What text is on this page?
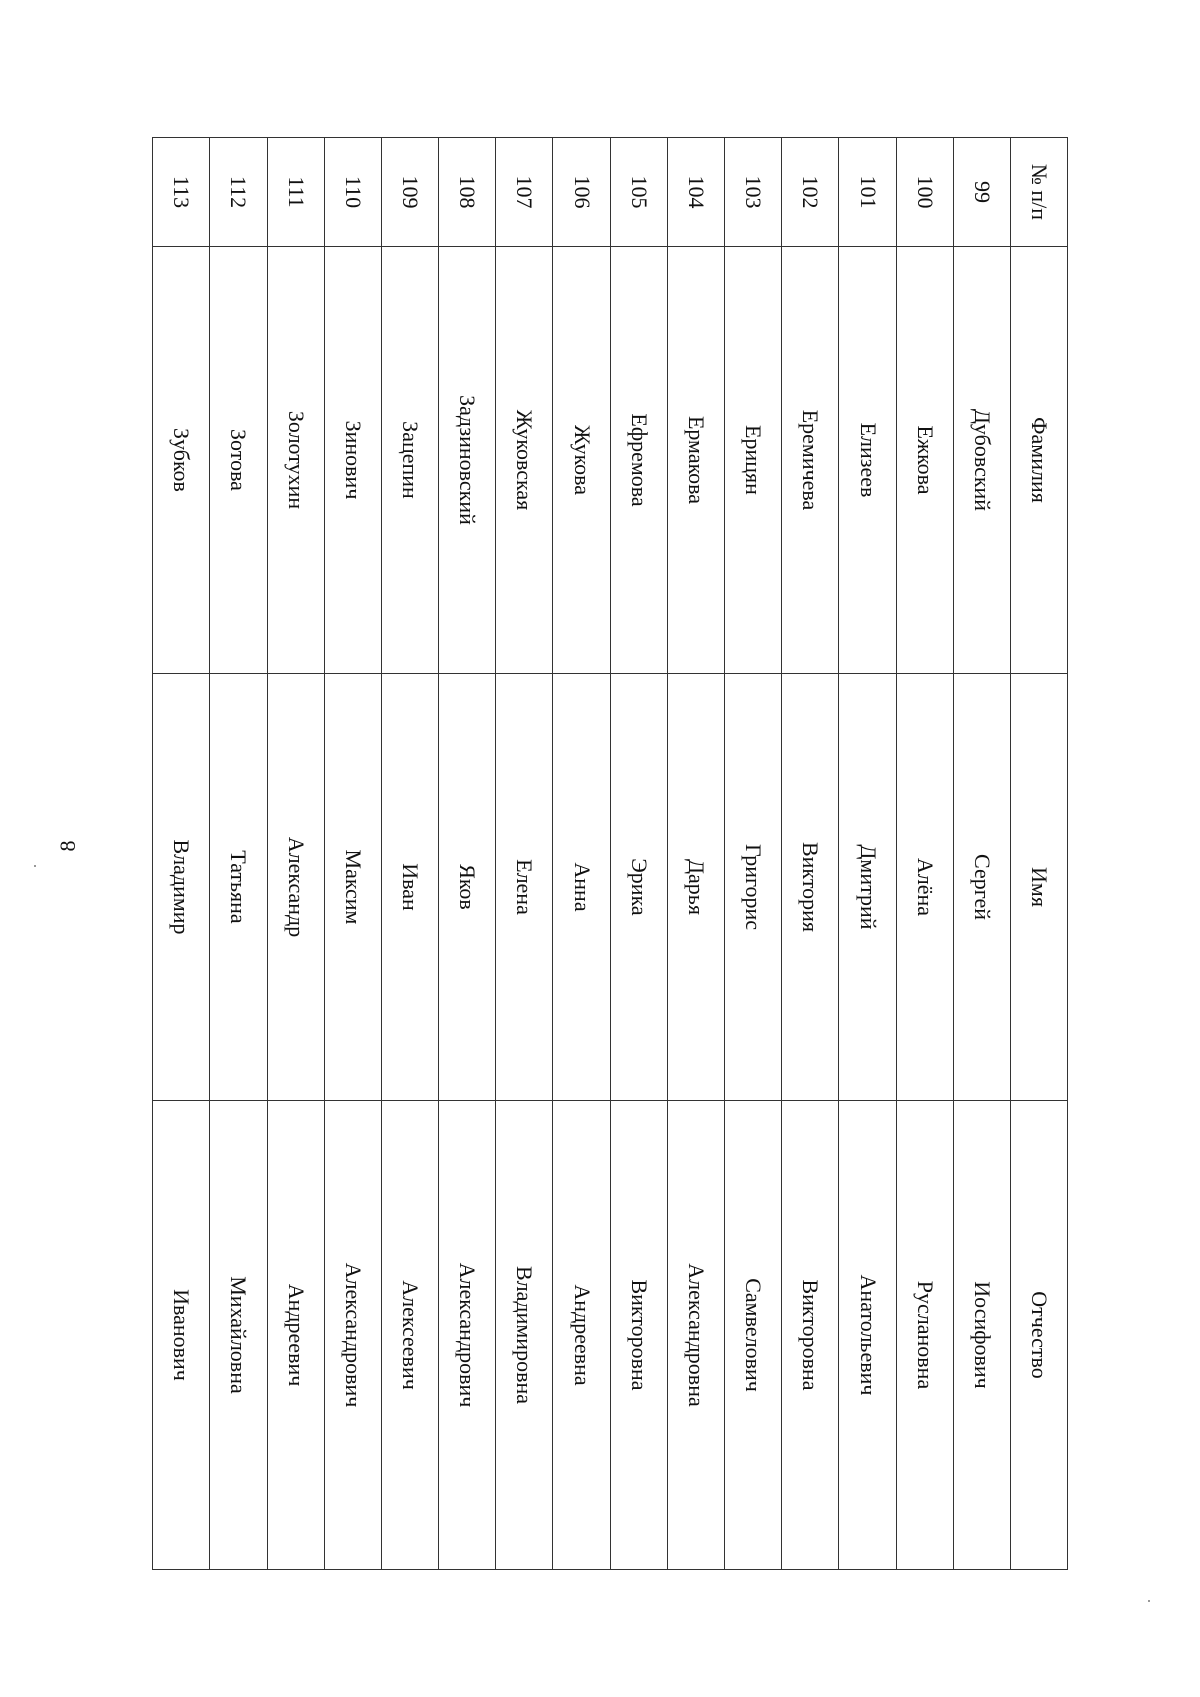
8
№ п/п	Фамилия	Имя	Отчество
99	Дубовский	Сергей	Иосифович
100	Ежкова	Алёна	Руслановна
101	Елизеев	Дмитрий	Анатольевич
102	Еремичева	Виктория	Викторовна
103	Ерицян	Григорис	Самвелович
104	Ермакова	Дарья	Александровна
105	Ефремова	Эрика	Викторовна
106	Жукова	Анна	Андреевна
107	Жуковская	Елена	Владимировна
108	Задзиновский	Яков	Александрович
109	Зацепин	Иван	Алексеевич
110	Зинович	Максим	Александрович
111	Золотухин	Александр	Андреевич
112	Зотова	Татьяна	Михайловна
113	Зубков	Владимир	Иванович
